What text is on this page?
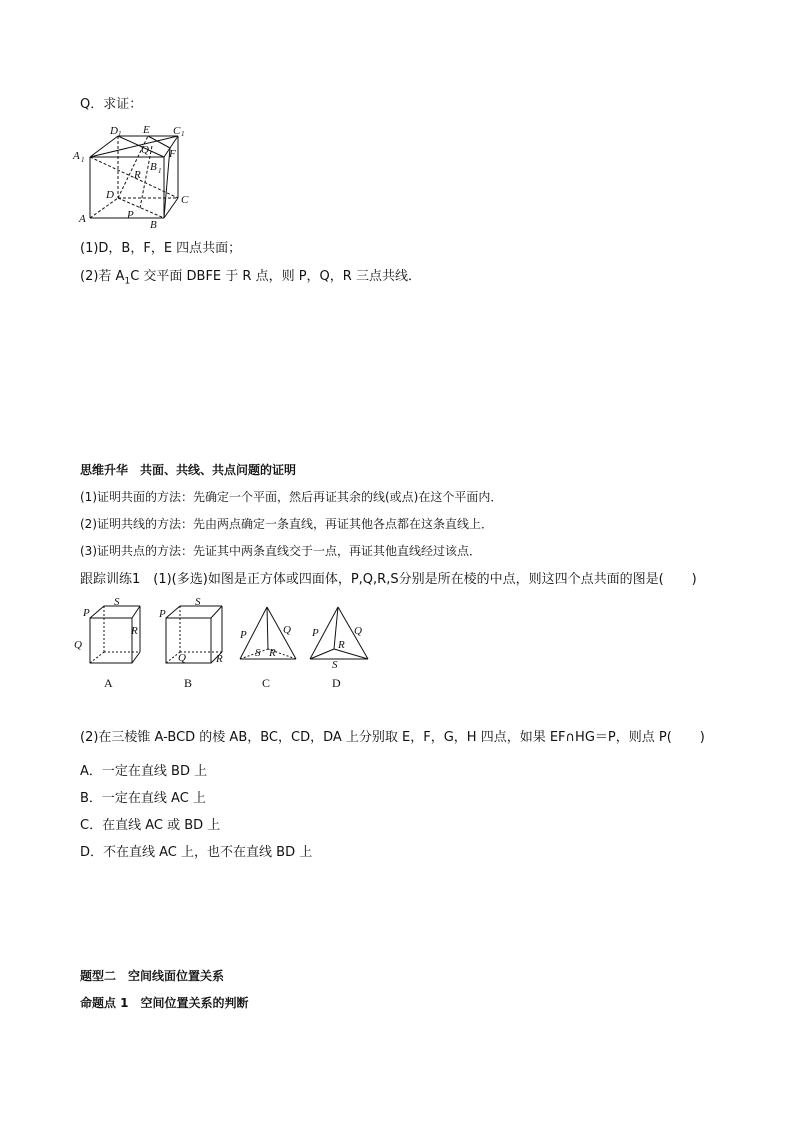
Q．求证：
D 1 E C 1
A 1
Q F
B 1
R
D	C
A	P
B
(1)D，B，F，E 四点共面；
(2)若 $A_1C$ 交平面 DBFE 于 R 点，则 P，Q，R 三点共线．
思维升华　共面、共线、共点问题的证明
(1)证明共面的方法：先确定一个平面，然后再证其余的线(或点)在这个平面内．
(2)证明共线的方法：先由两点确定一条直线，再证其他各点都在这条直线上．
(3)证明共点的方法：先证其中两条直线交于一点，再证其他直线经过该点．
跟踪训练1　(1)(多选)如图是正方体或四面体，P,Q,R,S分别是所在棱的中点，则这四个点共面的图是( )
S
P
R
Q
A
S
P
Q	R
B
P	Q
S R
C
P	Q
R
S
D
(2)在三棱锥 A-BCD 的棱 AB，BC，CD，DA 上分别取 E，F，G，H 四点，如果 EF∩HG＝P，则点 P( )
A．一定在直线 BD 上
B．一定在直线 AC 上
C．在直线 AC 或 BD 上
D．不在直线 AC 上，也不在直线 BD 上
题型二　空间线面位置关系
命题点 1　空间位置关系的判断
